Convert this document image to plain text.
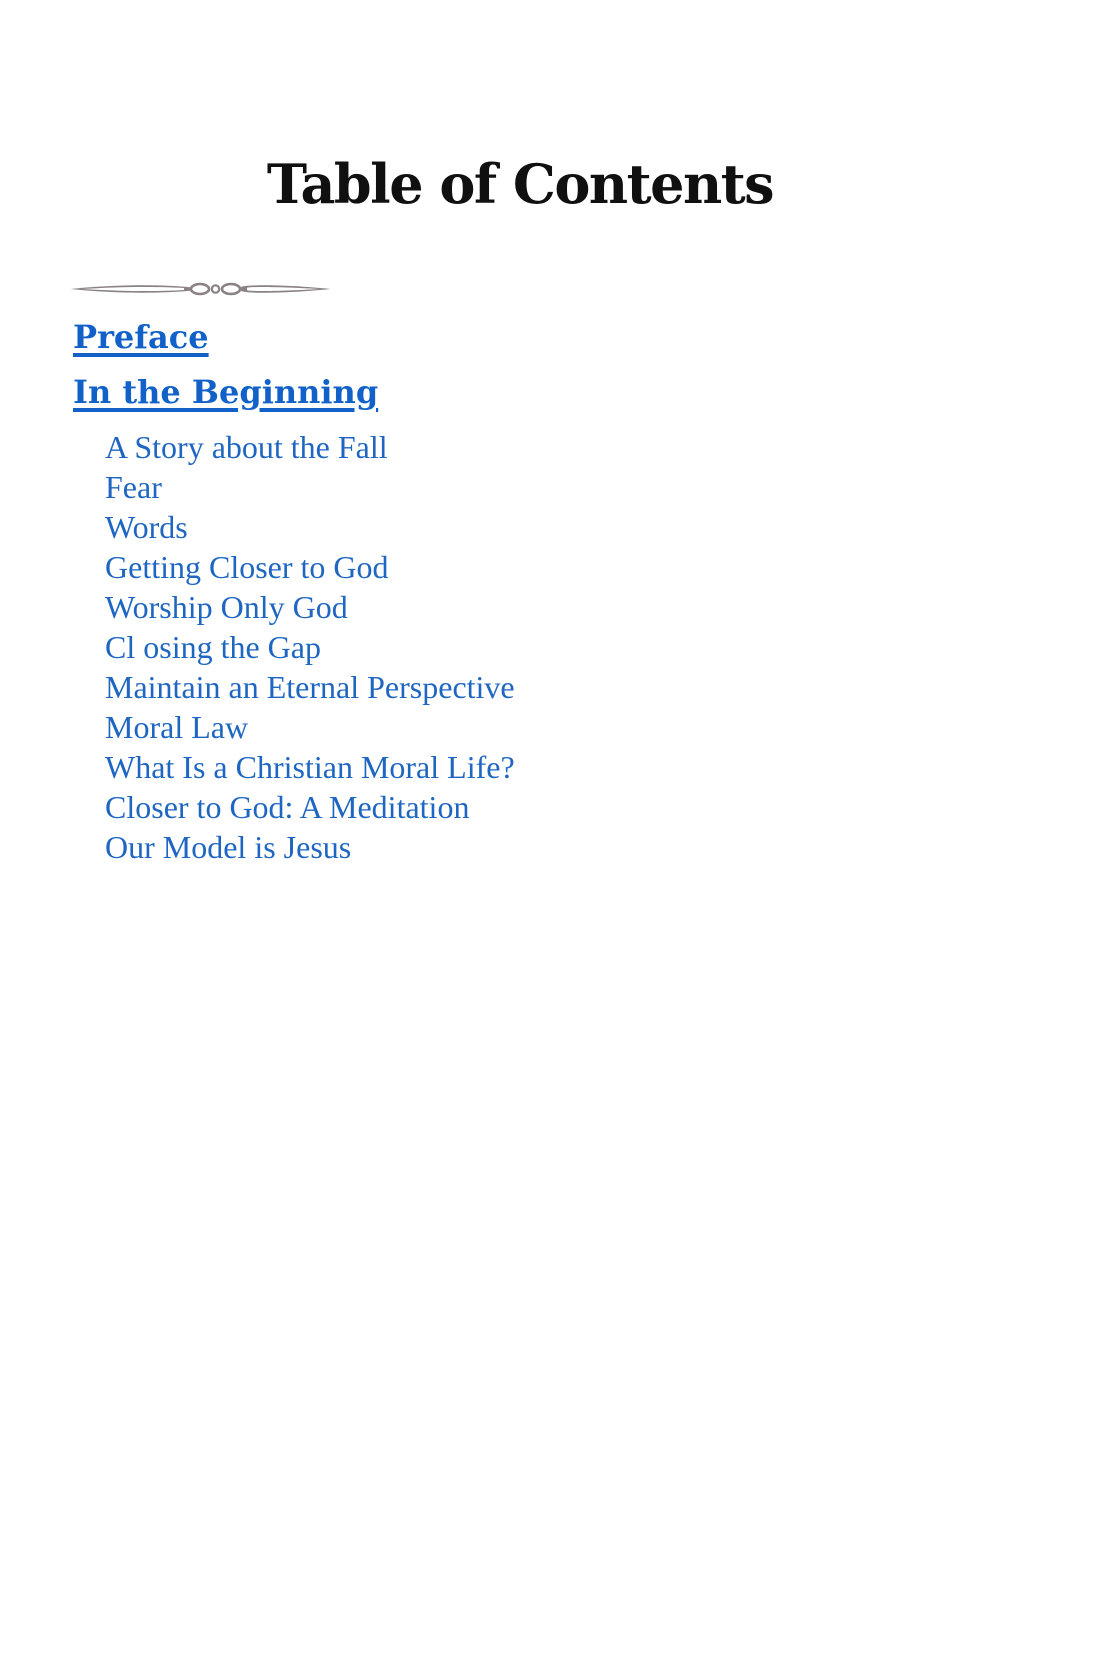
Table of Contents
Preface
In the Beginning
A Story about the Fall
Fear
Words
Getting Closer to God
Worship Only God
Cl osing the Gap
Maintain an Eternal Perspective
Moral Law
What Is a Christian Moral Life?
Closer to God: A Meditation
Our Model is Jesus
